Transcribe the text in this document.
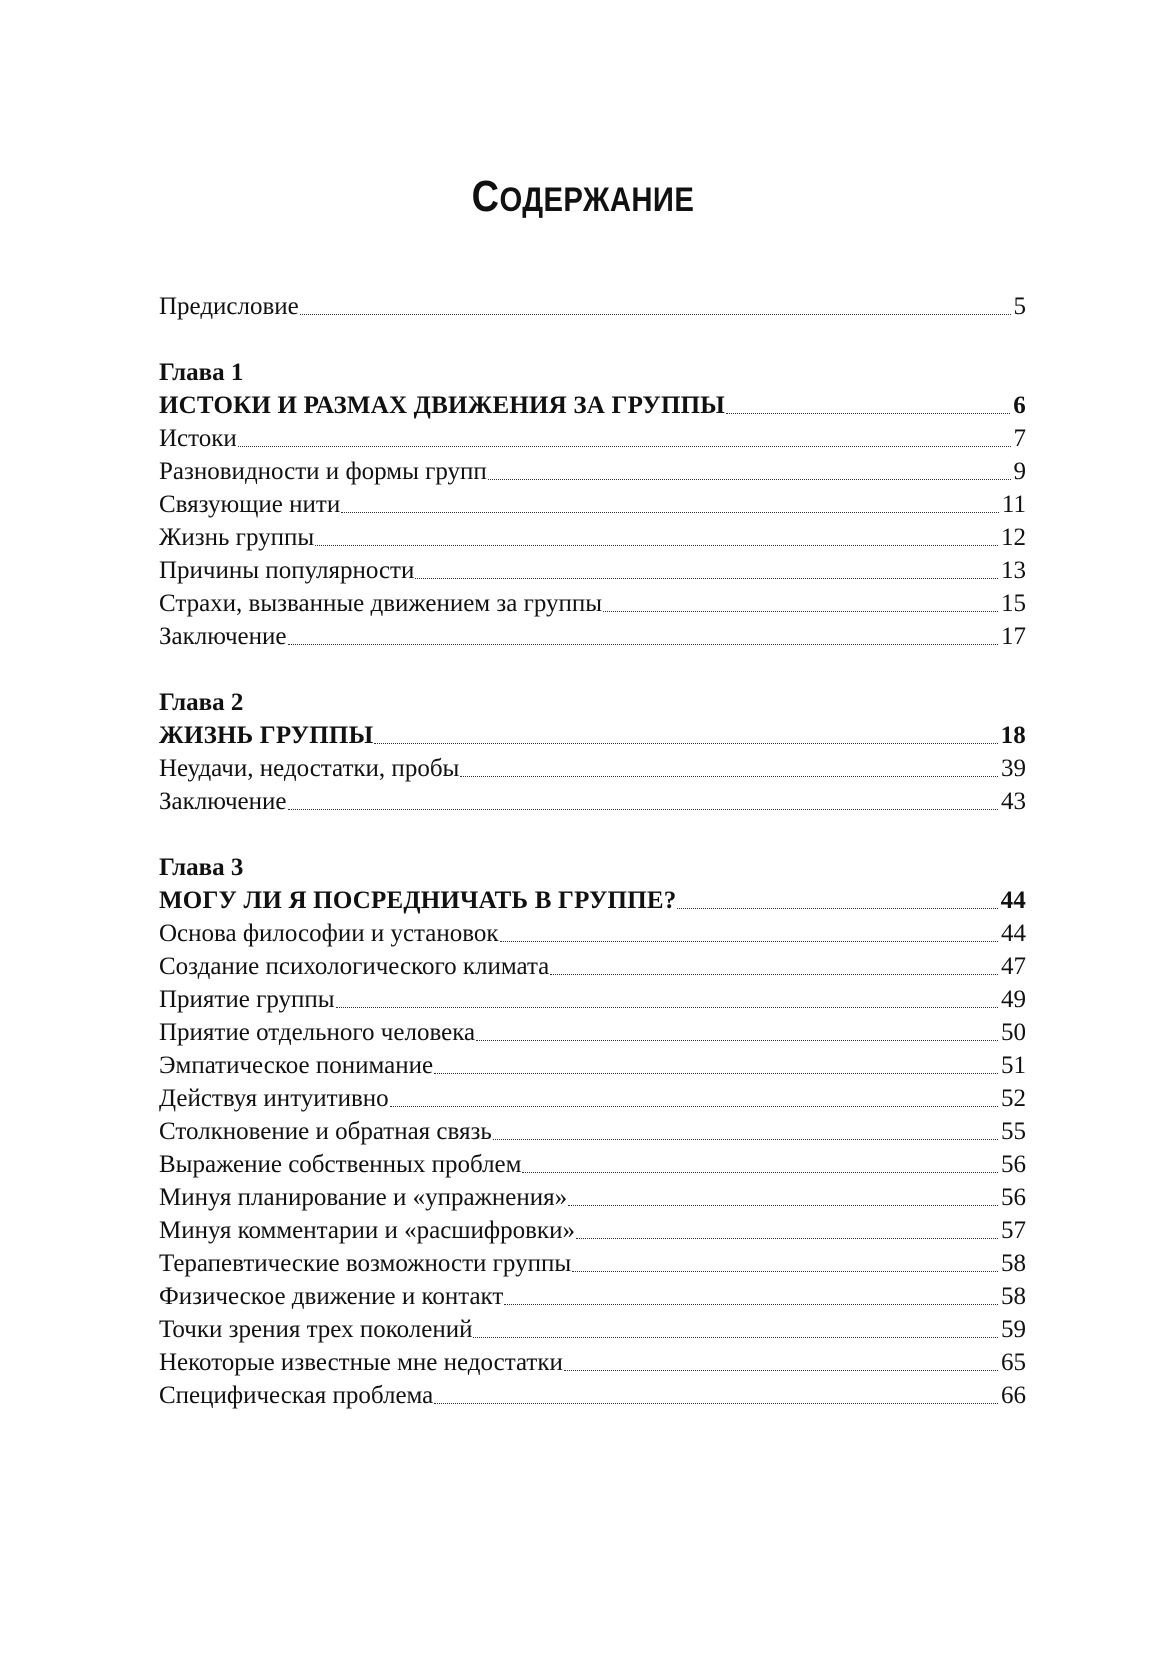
СОДЕРЖАНИЕ
Предисловие	5
Глава 1
ИСТОКИ И РАЗМАХ ДВИЖЕНИЯ ЗА ГРУППЫ	6
Истоки	7
Разновидности и формы групп	9
Связующие нити	11
Жизнь группы	12
Причины популярности	13
Страхи, вызванные движением за группы	15
Заключение	17
Глава 2
ЖИЗНЬ ГРУППЫ	18
Неудачи, недостатки, пробы	39
Заключение	43
Глава 3
МОГУ ЛИ Я ПОСРЕДНИЧАТЬ В ГРУППЕ?	44
Основа философии и установок	44
Создание психологического климата	47
Приятие группы	49
Приятие отдельного человека	50
Эмпатическое понимание	51
Действуя интуитивно	52
Столкновение и обратная связь	55
Выражение собственных проблем	56
Минуя планирование и «упражнения»	56
Минуя комментарии и «расшифровки»	57
Терапевтические возможности группы	58
Физическое движение и контакт	58
Точки зрения трех поколений	59
Некоторые известные мне недостатки	65
Специфическая проблема	66
